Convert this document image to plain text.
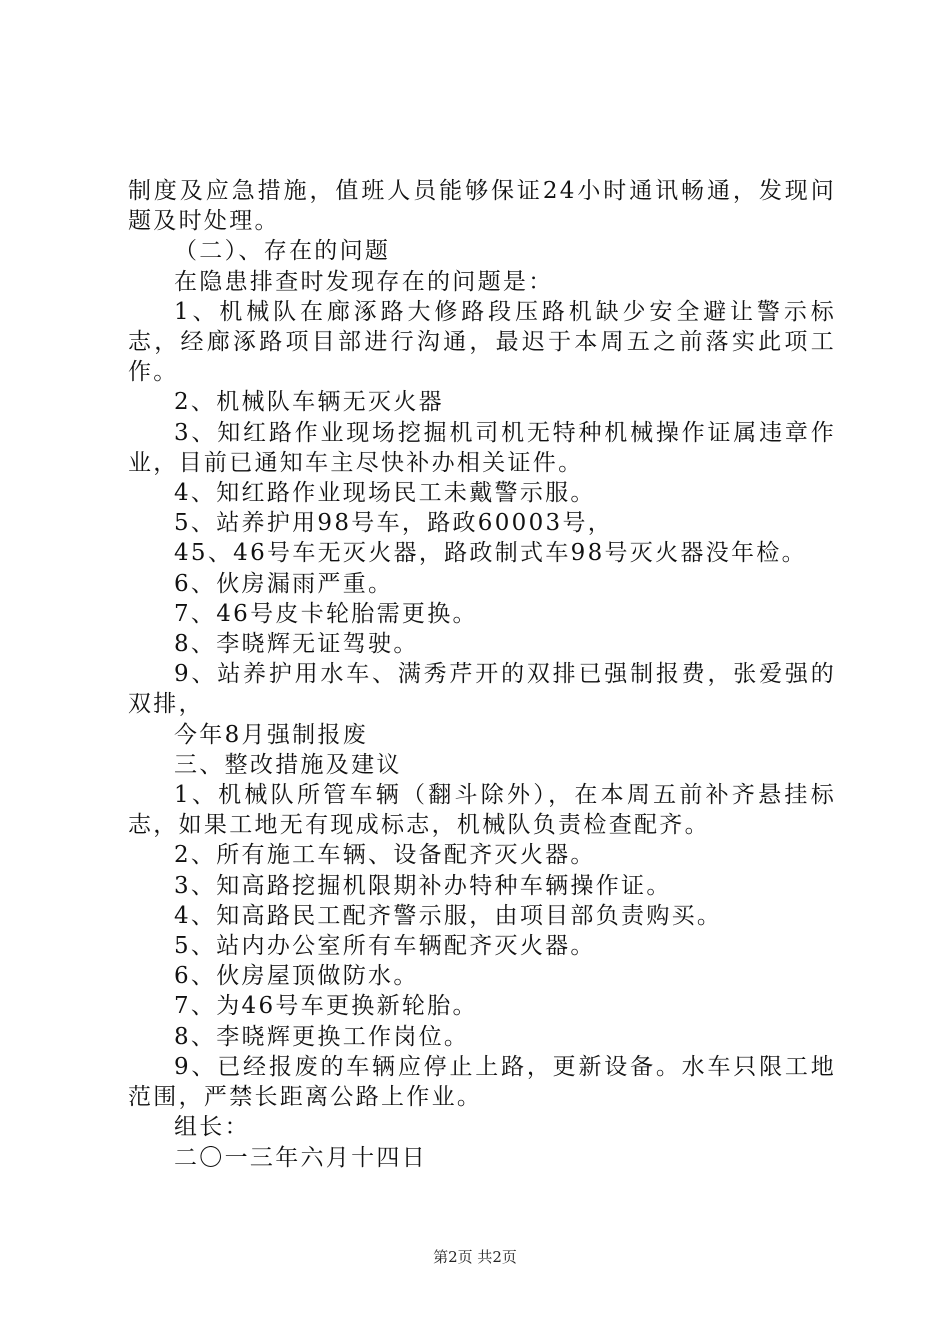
制度及应急措施，值班人员能够保证24小时通讯畅通，发现问题及时处理。

（二）、存在的问题

在隐患排查时发现存在的问题是：

1、机械队在廊涿路大修路段压路机缺少安全避让警示标志，经廊涿路项目部进行沟通，最迟于本周五之前落实此项工作。

2、机械队车辆无灭火器

3、知红路作业现场挖掘机司机无特种机械操作证属违章作业，目前已通知车主尽快补办相关证件。

4、知红路作业现场民工未戴警示服。

5、站养护用98号车，路政60003号，

45、46号车无灭火器，路政制式车98号灭火器没年检。

6、伙房漏雨严重。

7、46号皮卡轮胎需更换。

8、李晓辉无证驾驶。

9、站养护用水车、满秀芹开的双排已强制报费，张爱强的双排，

今年8月强制报废

三、整改措施及建议

1、机械队所管车辆（翻斗除外），在本周五前补齐悬挂标志，如果工地无有现成标志，机械队负责检查配齐。

2、所有施工车辆、设备配齐灭火器。

3、知高路挖掘机限期补办特种车辆操作证。

4、知高路民工配齐警示服，由项目部负责购买。

5、站内办公室所有车辆配齐灭火器。

6、伙房屋顶做防水。

7、为46号车更换新轮胎。

8、李晓辉更换工作岗位。

9、已经报废的车辆应停止上路，更新设备。水车只限工地范围，严禁长距离公路上作业。

组长：

二〇一三年六月十四日

第2页 共2页
